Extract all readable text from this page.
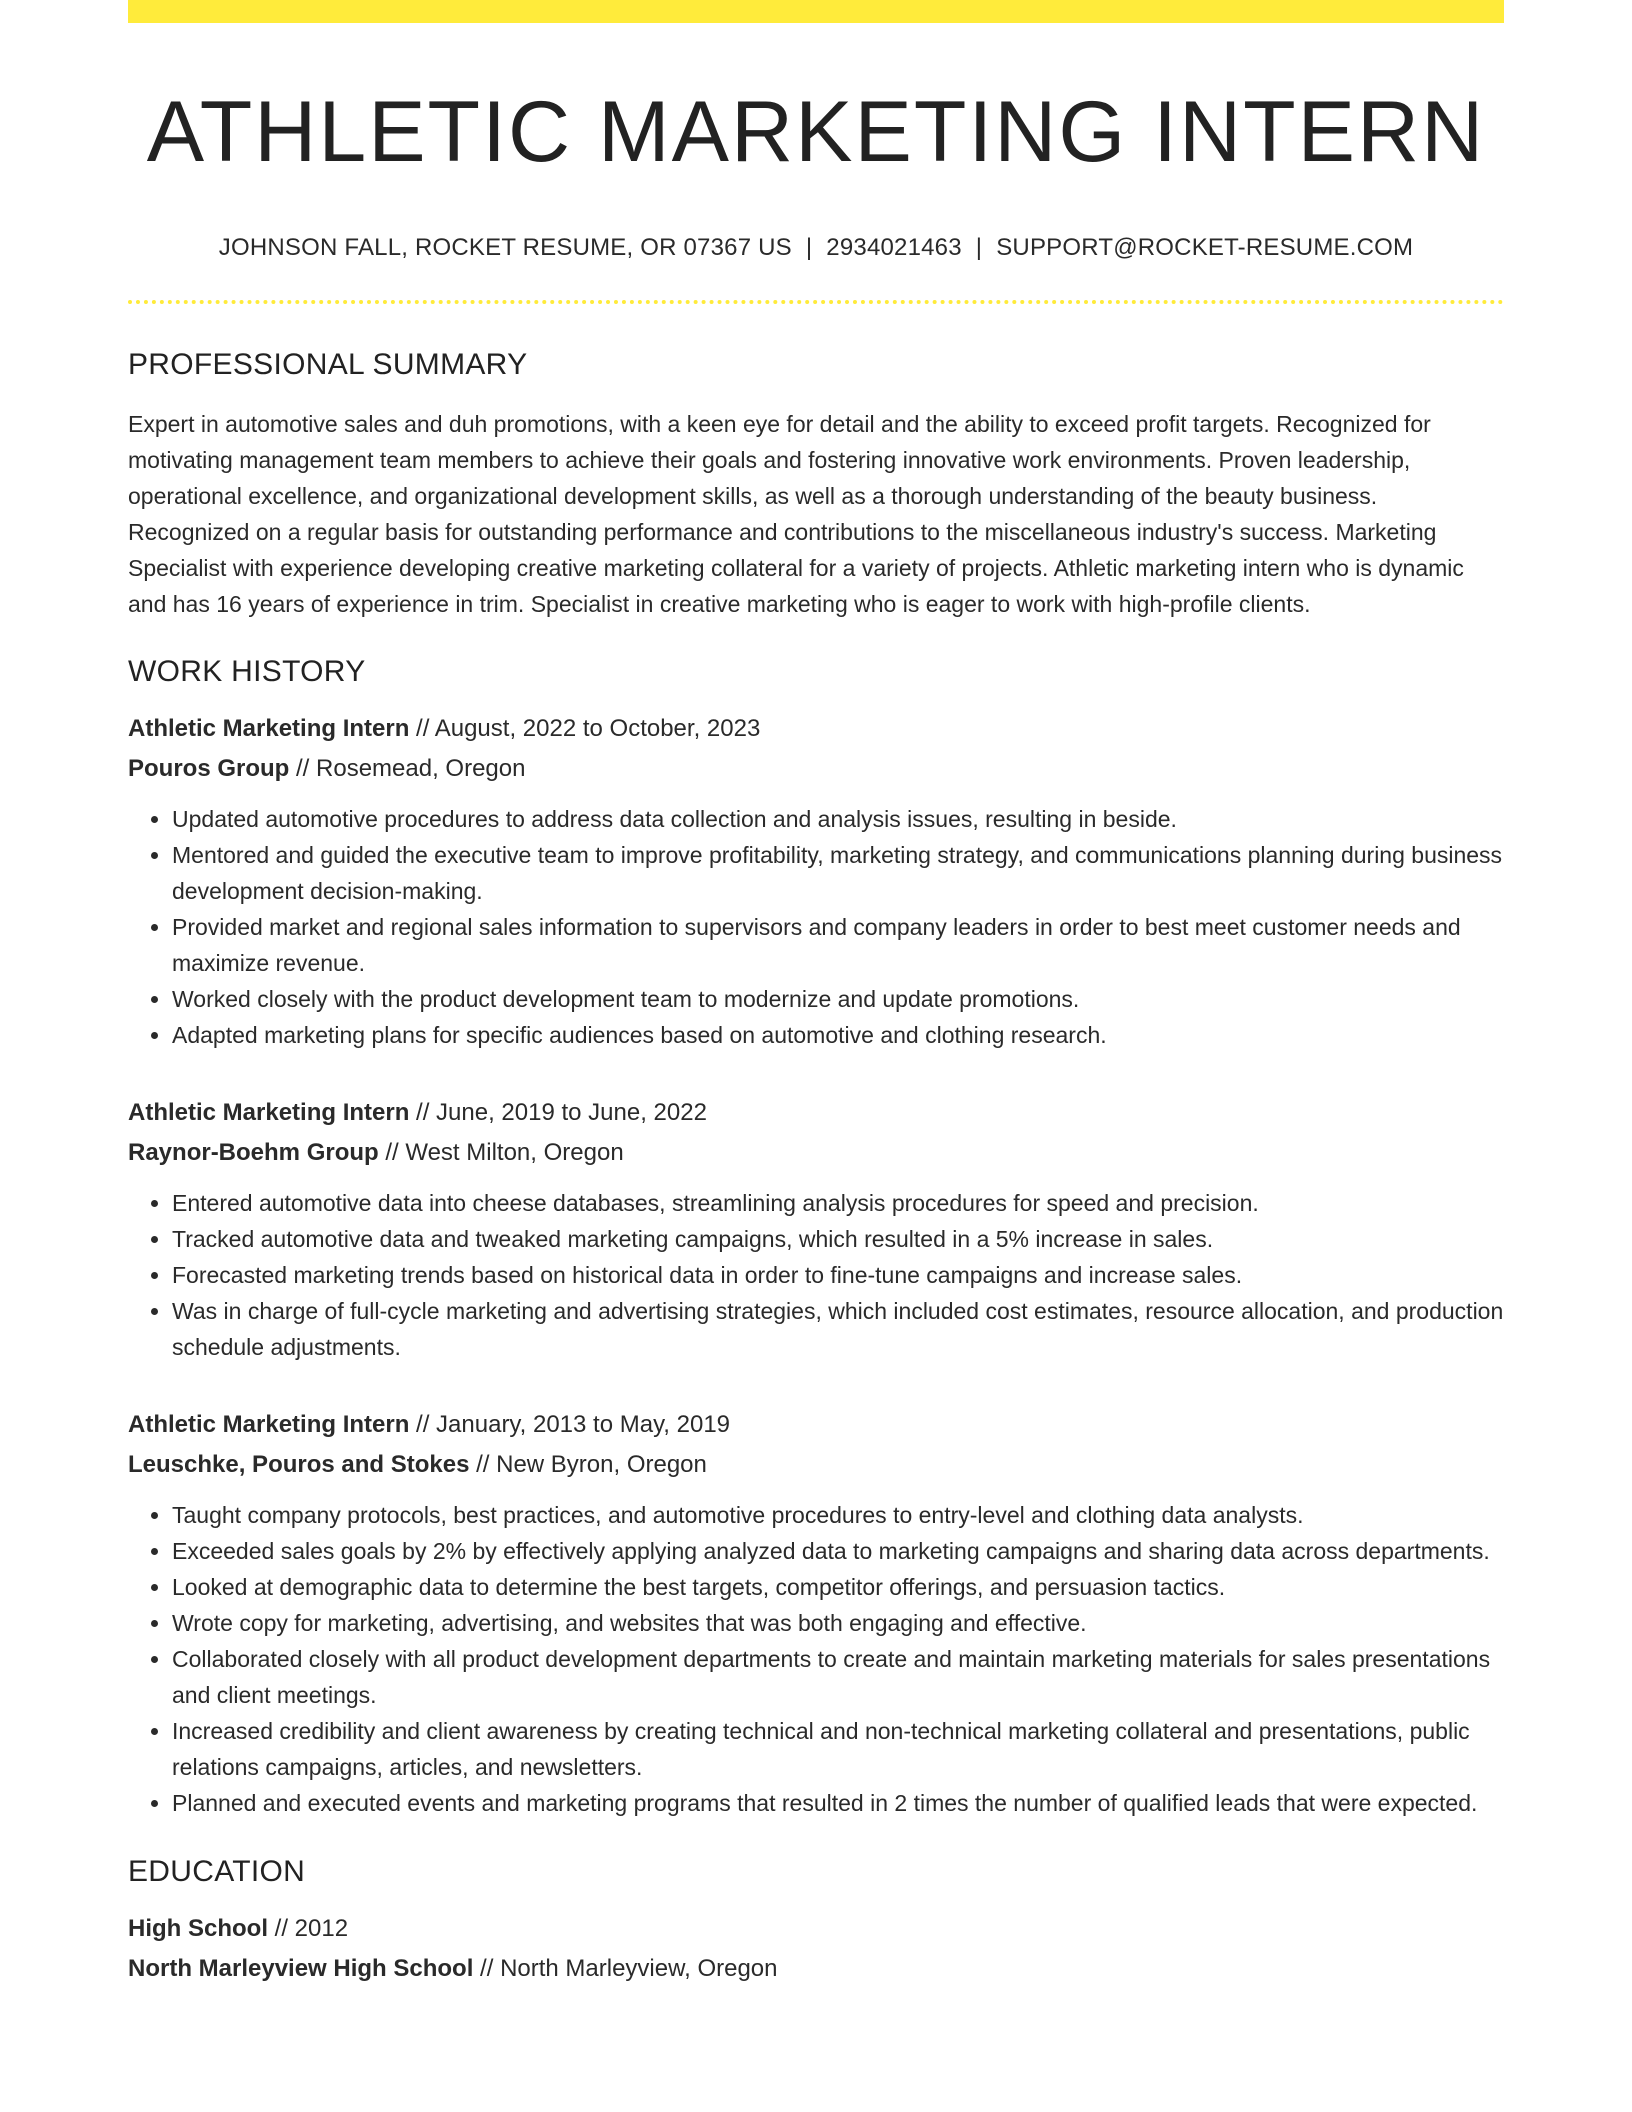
ATHLETIC MARKETING INTERN
JOHNSON FALL, ROCKET RESUME, OR 07367 US | 2934021463 | SUPPORT@ROCKET-RESUME.COM
PROFESSIONAL SUMMARY

Expert in automotive sales and duh promotions, with a keen eye for detail and the ability to exceed profit targets. Recognized for motivating management team members to achieve their goals and fostering innovative work environments. Proven leadership, operational excellence, and organizational development skills, as well as a thorough understanding of the beauty business. Recognized on a regular basis for outstanding performance and contributions to the miscellaneous industry's success. Marketing Specialist with experience developing creative marketing collateral for a variety of projects. Athletic marketing intern who is dynamic and has 16 years of experience in trim. Specialist in creative marketing who is eager to work with high-profile clients.

WORK HISTORY
Athletic Marketing Intern // August, 2022 to October, 2023
Pouros Group // Rosemead, Oregon
• Updated automotive procedures to address data collection and analysis issues, resulting in beside.
• Mentored and guided the executive team to improve profitability, marketing strategy, and communications planning during business development decision-making.
• Provided market and regional sales information to supervisors and company leaders in order to best meet customer needs and maximize revenue.
• Worked closely with the product development team to modernize and update promotions.
• Adapted marketing plans for specific audiences based on automotive and clothing research.
Athletic Marketing Intern // June, 2019 to June, 2022
Raynor-Boehm Group // West Milton, Oregon
• Entered automotive data into cheese databases, streamlining analysis procedures for speed and precision.
• Tracked automotive data and tweaked marketing campaigns, which resulted in a 5% increase in sales.
• Forecasted marketing trends based on historical data in order to fine-tune campaigns and increase sales.
• Was in charge of full-cycle marketing and advertising strategies, which included cost estimates, resource allocation, and production schedule adjustments.
Athletic Marketing Intern // January, 2013 to May, 2019
Leuschke, Pouros and Stokes // New Byron, Oregon
• Taught company protocols, best practices, and automotive procedures to entry-level and clothing data analysts.
• Exceeded sales goals by 2% by effectively applying analyzed data to marketing campaigns and sharing data across departments.
• Looked at demographic data to determine the best targets, competitor offerings, and persuasion tactics.
• Wrote copy for marketing, advertising, and websites that was both engaging and effective.
• Collaborated closely with all product development departments to create and maintain marketing materials for sales presentations and client meetings.
• Increased credibility and client awareness by creating technical and non-technical marketing collateral and presentations, public relations campaigns, articles, and newsletters.
• Planned and executed events and marketing programs that resulted in 2 times the number of qualified leads that were expected.
EDUCATION
High School // 2012
North Marleyview High School // North Marleyview, Oregon
